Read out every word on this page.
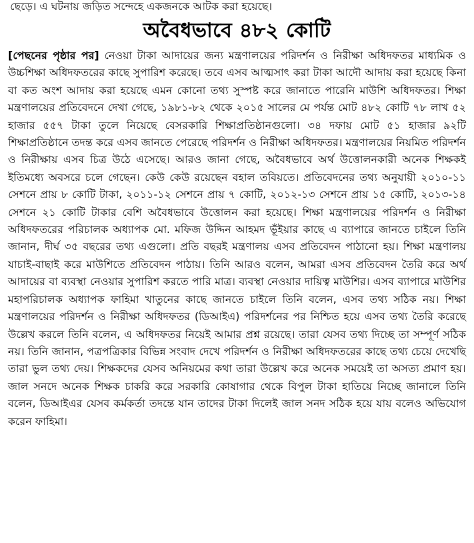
ছেড়ে। এ ঘটনায় জড়িত সন্দেহে একজনকে আটক করা হয়েছে।

অবৈধভাবে ৪৮২ কোটি

[পেছনের পৃষ্ঠার পর] নেওয়া টাকা আদায়ের জন্য মন্ত্রণালয়ের পরিদর্শন ও নিরীক্ষা অধিদফতর মাধ্যমিক ও উচ্চশিক্ষা অধিদফতরের কাছে সুপারিশ করেছে। তবে এসব আত্মসাৎ করা টাকা আদৌ আদায় করা হয়েছে কিনা বা কত অংশ আদায় করা হয়েছে এমন কোনো তথ্য সুস্পষ্ট করে জানাতে পারেনি মাউশি অধিদফতর। শিক্ষা মন্ত্রণালয়ের প্রতিবেদনে দেখা গেছে, ১৯৮১-৮২ থেকে ২০১৫ সালের মে পর্যন্ত মোট ৪৮২ কোটি ৭৮ লাখ ৫২ হাজার ৫৫৭ টাকা তুলে নিয়েছে বেসরকারি শিক্ষাপ্রতিষ্ঠানগুলো। ৩৪ দফায় মোট ৫১ হাজার ৯২টি শিক্ষাপ্রতিষ্ঠানে তদন্ত করে এসব জানতে পেরেছে পরিদর্শন ও নিরীক্ষা অধিদফতর। মন্ত্রণালয়ের নিয়মিত পরিদর্শন ও নিরীক্ষায় এসব চিত্র উঠে এসেছে। আরও জানা গেছে, অবৈধভাবে অর্থ উত্তোলনকারী অনেক শিক্ষকই ইতিমধ্যে অবসরে চলে গেছেন। কেউ কেউ রয়েছেন বহাল তবিয়তে। প্রতিবেদনের তথ্য অনুযায়ী ২০১০-১১ সেশনে প্রায় ৮ কোটি টাকা, ২০১১-১২ সেশনে প্রায় ৭ কোটি, ২০১২-১৩ সেশনে প্রায় ১৫ কোটি, ২০১৩-১৪ সেশনে ২১ কোটি টাকার বেশি অবৈধভাবে উত্তোলন করা হয়েছে। শিক্ষা মন্ত্রণালয়ের পরিদর্শন ও নিরীক্ষা অধিদফতরের পরিচালক অধ্যাপক মো. মফিজ উদ্দিন আহমদ ভূঁইয়ার কাছে এ ব্যাপারে জানতে চাইলে তিনি জানান, দীর্ঘ ৩৫ বছরের তথ্য এগুলো। প্রতি বছরই মন্ত্রণালয় এসব প্রতিবেদন পাঠানো হয়। শিক্ষা মন্ত্রণালয় যাচাই-বাছাই করে মাউশিতে প্রতিবেদন পাঠায়। তিনি আরও বলেন, আমরা এসব প্রতিবেদন তৈরি করে অর্থ আদায়ের বা ব্যবস্থা নেওয়ার সুপারিশ করতে পারি মাত্র। ব্যবস্থা নেওয়ার দায়িত্ব মাউশির। এসব ব্যাপারে মাউশির মহাপরিচালক অধ্যাপক ফাহিমা খাতুনের কাছে জানতে চাইলে তিনি বলেন, এসব তথ্য সঠিক নয়। শিক্ষা মন্ত্রণালয়ের পরিদর্শন ও নিরীক্ষা অধিদফতর (ডিআইএ) পরিদর্শনের পর নিশ্চিত হয়ে এসব তথ্য তৈরি করেছে উল্লেখ করলে তিনি বলেন, এ অধিদফতর নিয়েই আমার প্রশ্ন রয়েছে। তারা যেসব তথ্য দিচ্ছে তা সম্পূর্ণ সঠিক নয়। তিনি জানান, পত্রপত্রিকার বিভিন্ন সংবাদ দেখে পরিদর্শন ও নিরীক্ষা অধিদফতরের কাছে তথ্য চেয়ে দেখেছি তারা ভুল তথ্য দেয়। শিক্ষকদের যেসব অনিয়মের কথা তারা উল্লেখ করে অনেক সময়েই তা অসত্য প্রমাণ হয়। জাল সনদে অনেক শিক্ষক চাকরি করে সরকারি কোষাগার থেকে বিপুল টাকা হাতিয়ে নিচ্ছে জানালে তিনি বলেন, ডিআইএর যেসব কর্মকর্তা তদন্তে যান তাদের টাকা দিলেই জাল সনদ সঠিক হয়ে যায় বলেও অভিযোগ করেন ফাহিমা।
